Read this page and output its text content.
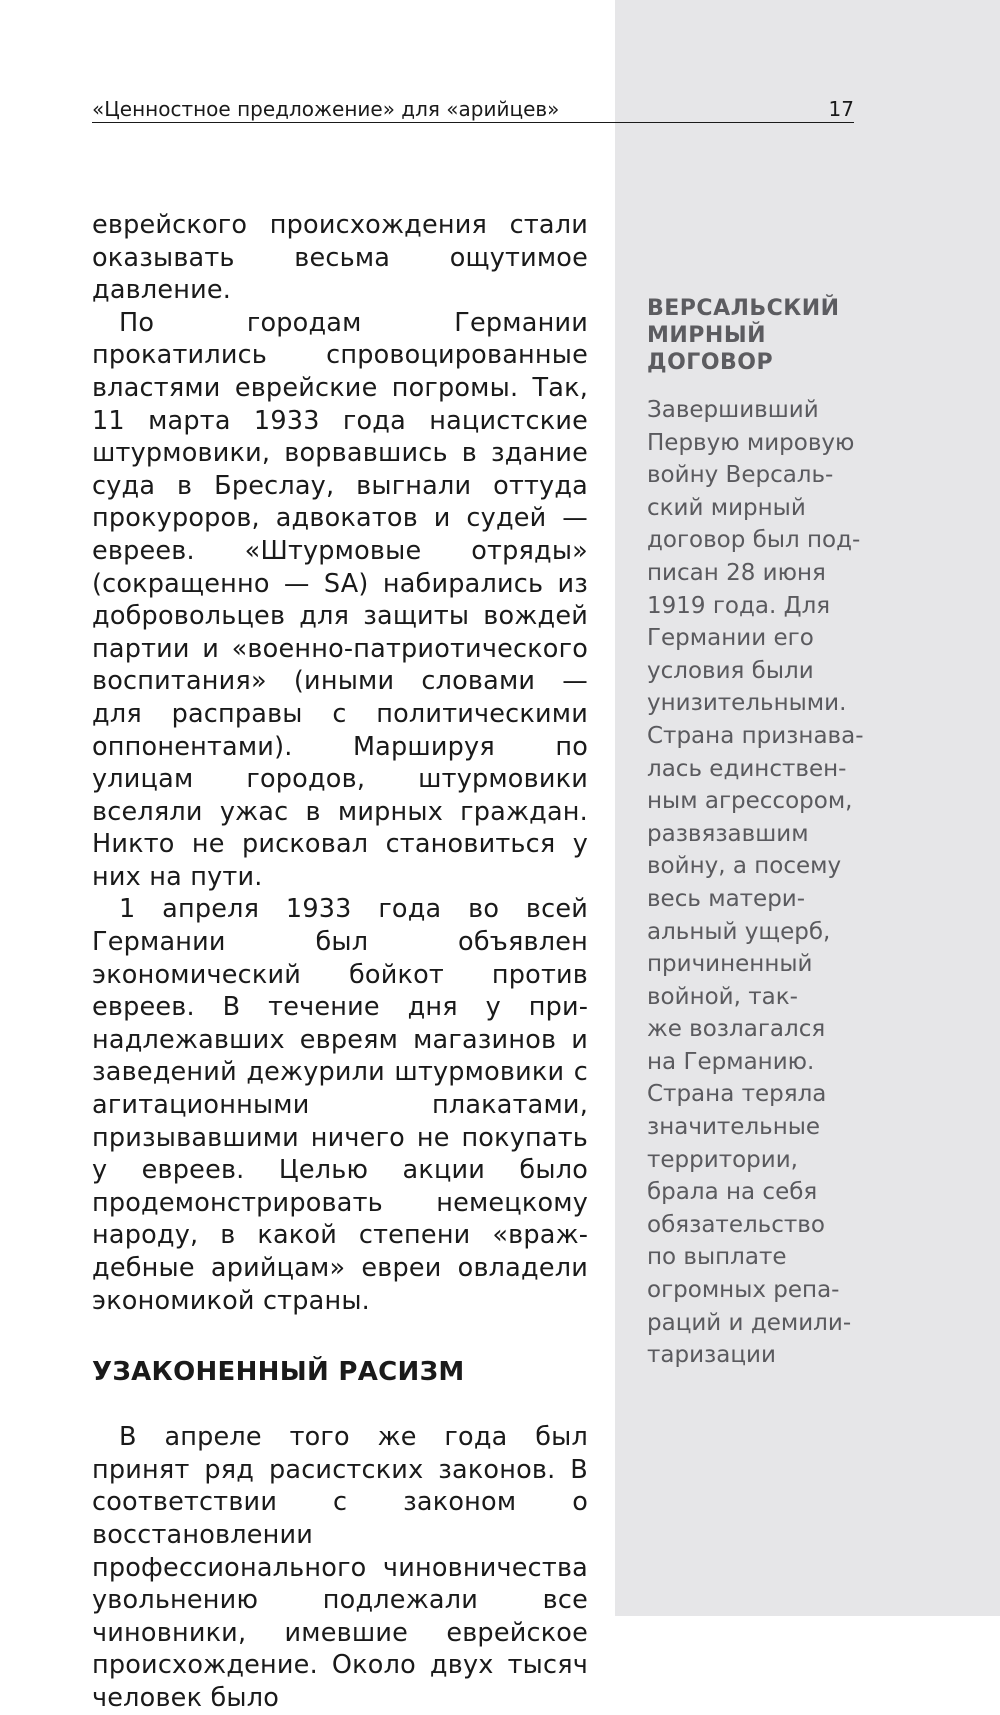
«Ценностное предложение» для «арийцев»	17

еврейского происхождения стали оказывать весьма ощутимое давление.

По городам Германии прокатились спровоцированные властями еврейские погромы. Так, 11 марта 1933 года нацистские штурмовики, ворвавшись в здание суда в Бреслау, выгнали оттуда прокуроров, адвокатов и судей — евреев. «Штурмовые отряды» (сокращенно — SA) набирались из добровольцев для защиты вождей партии и «военно-патриотического воспитания» (иными словами — для расправы с политическими оппонентами). Маршируя по улицам городов, штурмовики вселяли ужас в мирных граждан. Никто не рисковал становиться у них на пути.

1 апреля 1933 года во всей Германии был объявлен экономический бойкот против евреев. В течение дня у принадлежавших евреям магазинов и заведений дежурили штурмовики с агитационными плакатами, призывавшими ничего не покупать у евреев. Целью акции было продемонстрировать немецкому народу, в какой степени «враждебные арийцам» евреи овладели экономикой страны.

УЗАКОНЕННЫЙ РАСИЗМ

В апреле того же года был принят ряд расистских законов. В соответствии с законом о восстановлении профессионального чиновничества увольнению подлежали все чиновники, имевшие еврейское происхождение. Около двух тысяч человек было

ВЕРСАЛЬСКИЙ
МИРНЫЙ
ДОГОВОР

Завершивший
Первую мировую
войну Версаль-
ский мирный
договор был под-
писан 28 июня
1919 года. Для
Германии его
условия были
унизительными.
Страна признава-
лась единствен-
ным агрессором,
развязавшим
войну, а посему
весь матери-
альный ущерб,
причиненный
войной, так-
же возлагался
на Германию.
Страна теряла
значительные
территории,
брала на себя
обязательство
по выплате
огромных репа-
раций и демили-
таризации
